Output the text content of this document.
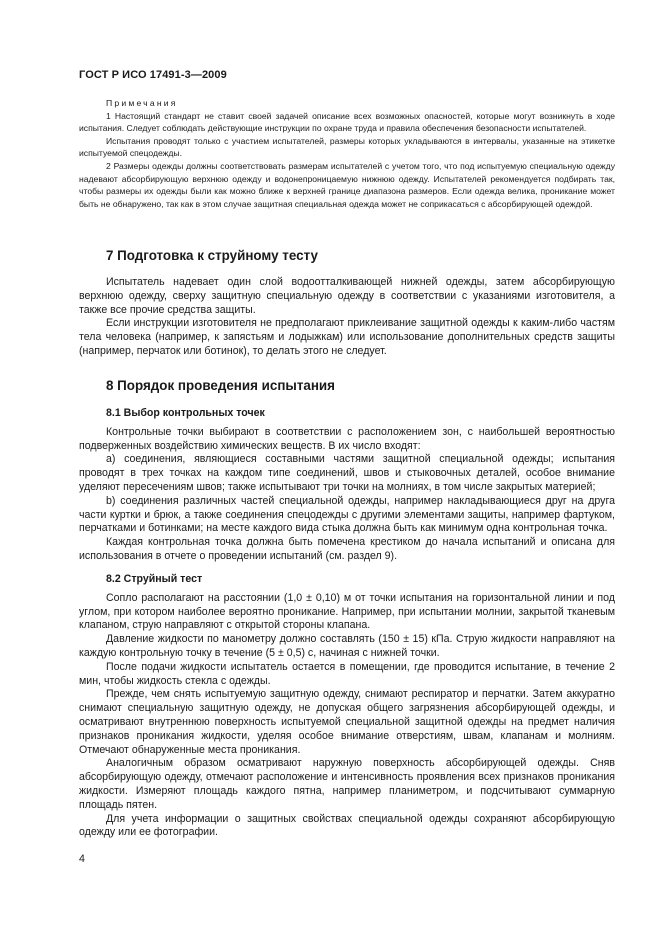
ГОСТ Р ИСО 17491-3—2009

Примечания

1 Настоящий стандарт не ставит своей задачей описание всех возможных опасностей, которые могут возникнуть в ходе испытания. Следует соблюдать действующие инструкции по охране труда и правила обеспечения безопасности испытателей.

Испытания проводят только с участием испытателей, размеры которых укладываются в интервалы, указанные на этикетке испытуемой спецодежды.

2 Размеры одежды должны соответствовать размерам испытателей с учетом того, что под испытуемую специальную одежду надевают абсорбирующую верхнюю одежду и водонепроницаемую нижнюю одежду. Испытателей рекомендуется подбирать так, чтобы размеры их одежды были как можно ближе к верхней границе диапазона размеров. Если одежда велика, проникание может быть не обнаружено, так как в этом случае защитная специальная одежда может не соприкасаться с абсорбирующей одеждой.

7 Подготовка к струйному тесту

Испытатель надевает один слой водоотталкивающей нижней одежды, затем абсорбирующую верхнюю одежду, сверху защитную специальную одежду в соответствии с указаниями изготовителя, а также все прочие средства защиты.

Если инструкции изготовителя не предполагают приклеивание защитной одежды к каким-либо частям тела человека (например, к запястьям и лодыжкам) или использование дополнительных средств защиты (например, перчаток или ботинок), то делать этого не следует.

8 Порядок проведения испытания
8.1 Выбор контрольных точек

Контрольные точки выбирают в соответствии с расположением зон, с наибольшей вероятностью подверженных воздействию химических веществ. В их число входят:

а) соединения, являющиеся составными частями защитной специальной одежды; испытания проводят в трех точках на каждом типе соединений, швов и стыковочных деталей, особое внимание уделяют пересечениям швов; также испытывают три точки на молниях, в том числе закрытых материей;

b) соединения различных частей специальной одежды, например накладывающиеся друг на друга части куртки и брюк, а также соединения спецодежды с другими элементами защиты, например фартуком, перчатками и ботинками; на месте каждого вида стыка должна быть как минимум одна контрольная точка.

Каждая контрольная точка должна быть помечена крестиком до начала испытаний и описана для использования в отчете о проведении испытаний (см. раздел 9).

8.2 Струйный тест

Сопло располагают на расстоянии (1,0 ± 0,10) м от точки испытания на горизонтальной линии и под углом, при котором наиболее вероятно проникание. Например, при испытании молнии, закрытой тканевым клапаном, струю направляют с открытой стороны клапана.

Давление жидкости по манометру должно составлять (150 ± 15) кПа. Струю жидкости направляют на каждую контрольную точку в течение (5 ± 0,5) с, начиная с нижней точки.

После подачи жидкости испытатель остается в помещении, где проводится испытание, в течение 2 мин, чтобы жидкость стекла с одежды.

Прежде, чем снять испытуемую защитную одежду, снимают респиратор и перчатки. Затем аккуратно снимают специальную защитную одежду, не допуская общего загрязнения абсорбирующей одежды, и осматривают внутреннюю поверхность испытуемой специальной защитной одежды на предмет наличия признаков проникания жидкости, уделяя особое внимание отверстиям, швам, клапанам и молниям. Отмечают обнаруженные места проникания.

Аналогичным образом осматривают наружную поверхность абсорбирующей одежды. Сняв абсорбирующую одежду, отмечают расположение и интенсивность проявления всех признаков проникания жидкости. Измеряют площадь каждого пятна, например планиметром, и подсчитывают суммарную площадь пятен.

Для учета информации о защитных свойствах специальной одежды сохраняют абсорбирующую одежду или ее фотографии.

4
